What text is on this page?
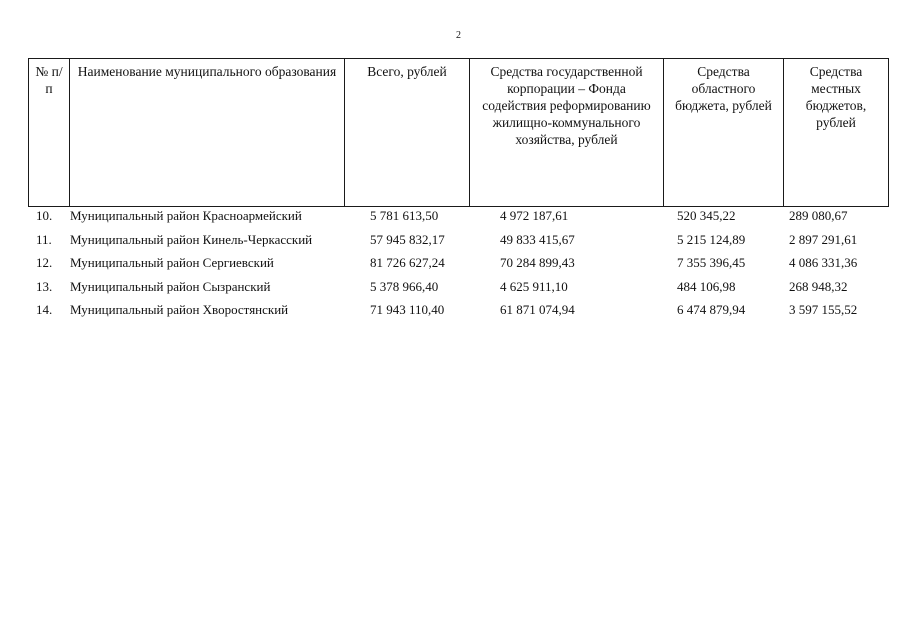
2
№ п/п	Наименование муниципального образования	Всего, рублей	Средства государственной корпорации – Фонда содействия реформированию жилищно-коммунального хозяйства, рублей	Средства областного бюджета, рублей	Средства местных бюджетов, рублей
10. Муниципальный район Красноармейский	5 781 613,50	4 972 187,61	520 345,22	289 080,67
11. Муниципальный район Кинель-Черкасский	57 945 832,17	49 833 415,67	5 215 124,89	2 897 291,61
12. Муниципальный район Сергиевский	81 726 627,24	70 284 899,43	7 355 396,45	4 086 331,36
13. Муниципальный район Сызранский	5 378 966,40	4 625 911,10	484 106,98	268 948,32
14. Муниципальный район Хворостянский	71 943 110,40	61 871 074,94	6 474 879,94	3 597 155,52
